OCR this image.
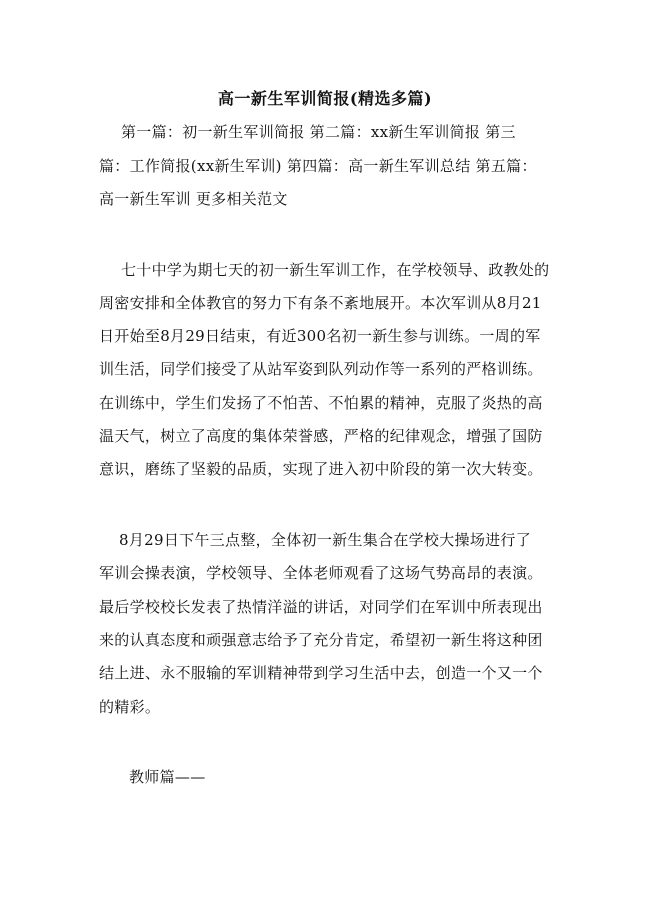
高一新生军训简报(精选多篇)
第一篇：初一新生军训简报 第二篇：xx新生军训简报 第三
篇：工作简报(xx新生军训) 第四篇：高一新生军训总结 第五篇：
高一新生军训 更多相关范文
七十中学为期七天的初一新生军训工作，在学校领导、政教处的
周密安排和全体教官的努力下有条不紊地展开。本次军训从8月21
日开始至8月29日结束，有近300名初一新生参与训练。一周的军
训生活，同学们接受了从站军姿到队列动作等一系列的严格训练。
在训练中，学生们发扬了不怕苦、不怕累的精神，克服了炎热的高
温天气，树立了高度的集体荣誉感，严格的纪律观念，增强了国防
意识，磨练了坚毅的品质，实现了进入初中阶段的第一次大转变。
8月29日下午三点整，全体初一新生集合在学校大操场进行了
军训会操表演，学校领导、全体老师观看了这场气势高昂的表演。
最后学校校长发表了热情洋溢的讲话，对同学们在军训中所表现出
来的认真态度和顽强意志给予了充分肯定，希望初一新生将这种团
结上进、永不服输的军训精神带到学习生活中去，创造一个又一个
的精彩。
教师篇——
